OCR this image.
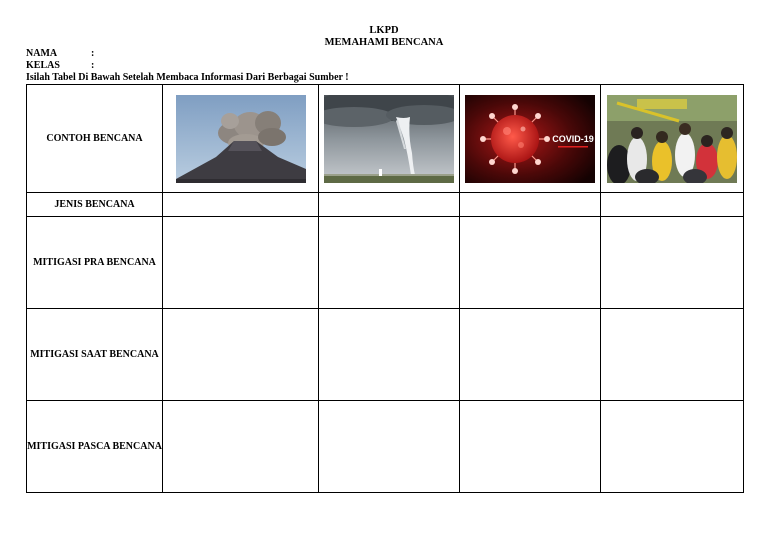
LKPD
MEMAHAMI BENCANA
NAMA	:
KELAS	:
Isilah Tabel Di Bawah Setelah Membaca Informasi Dari Berbagai Sumber !
CONTOH BENCANA			COVID-19

JENIS BENCANA				
MITIGASI PRA BENCANA				
MITIGASI SAAT BENCANA				
MITIGASI PASCA BENCANA				
